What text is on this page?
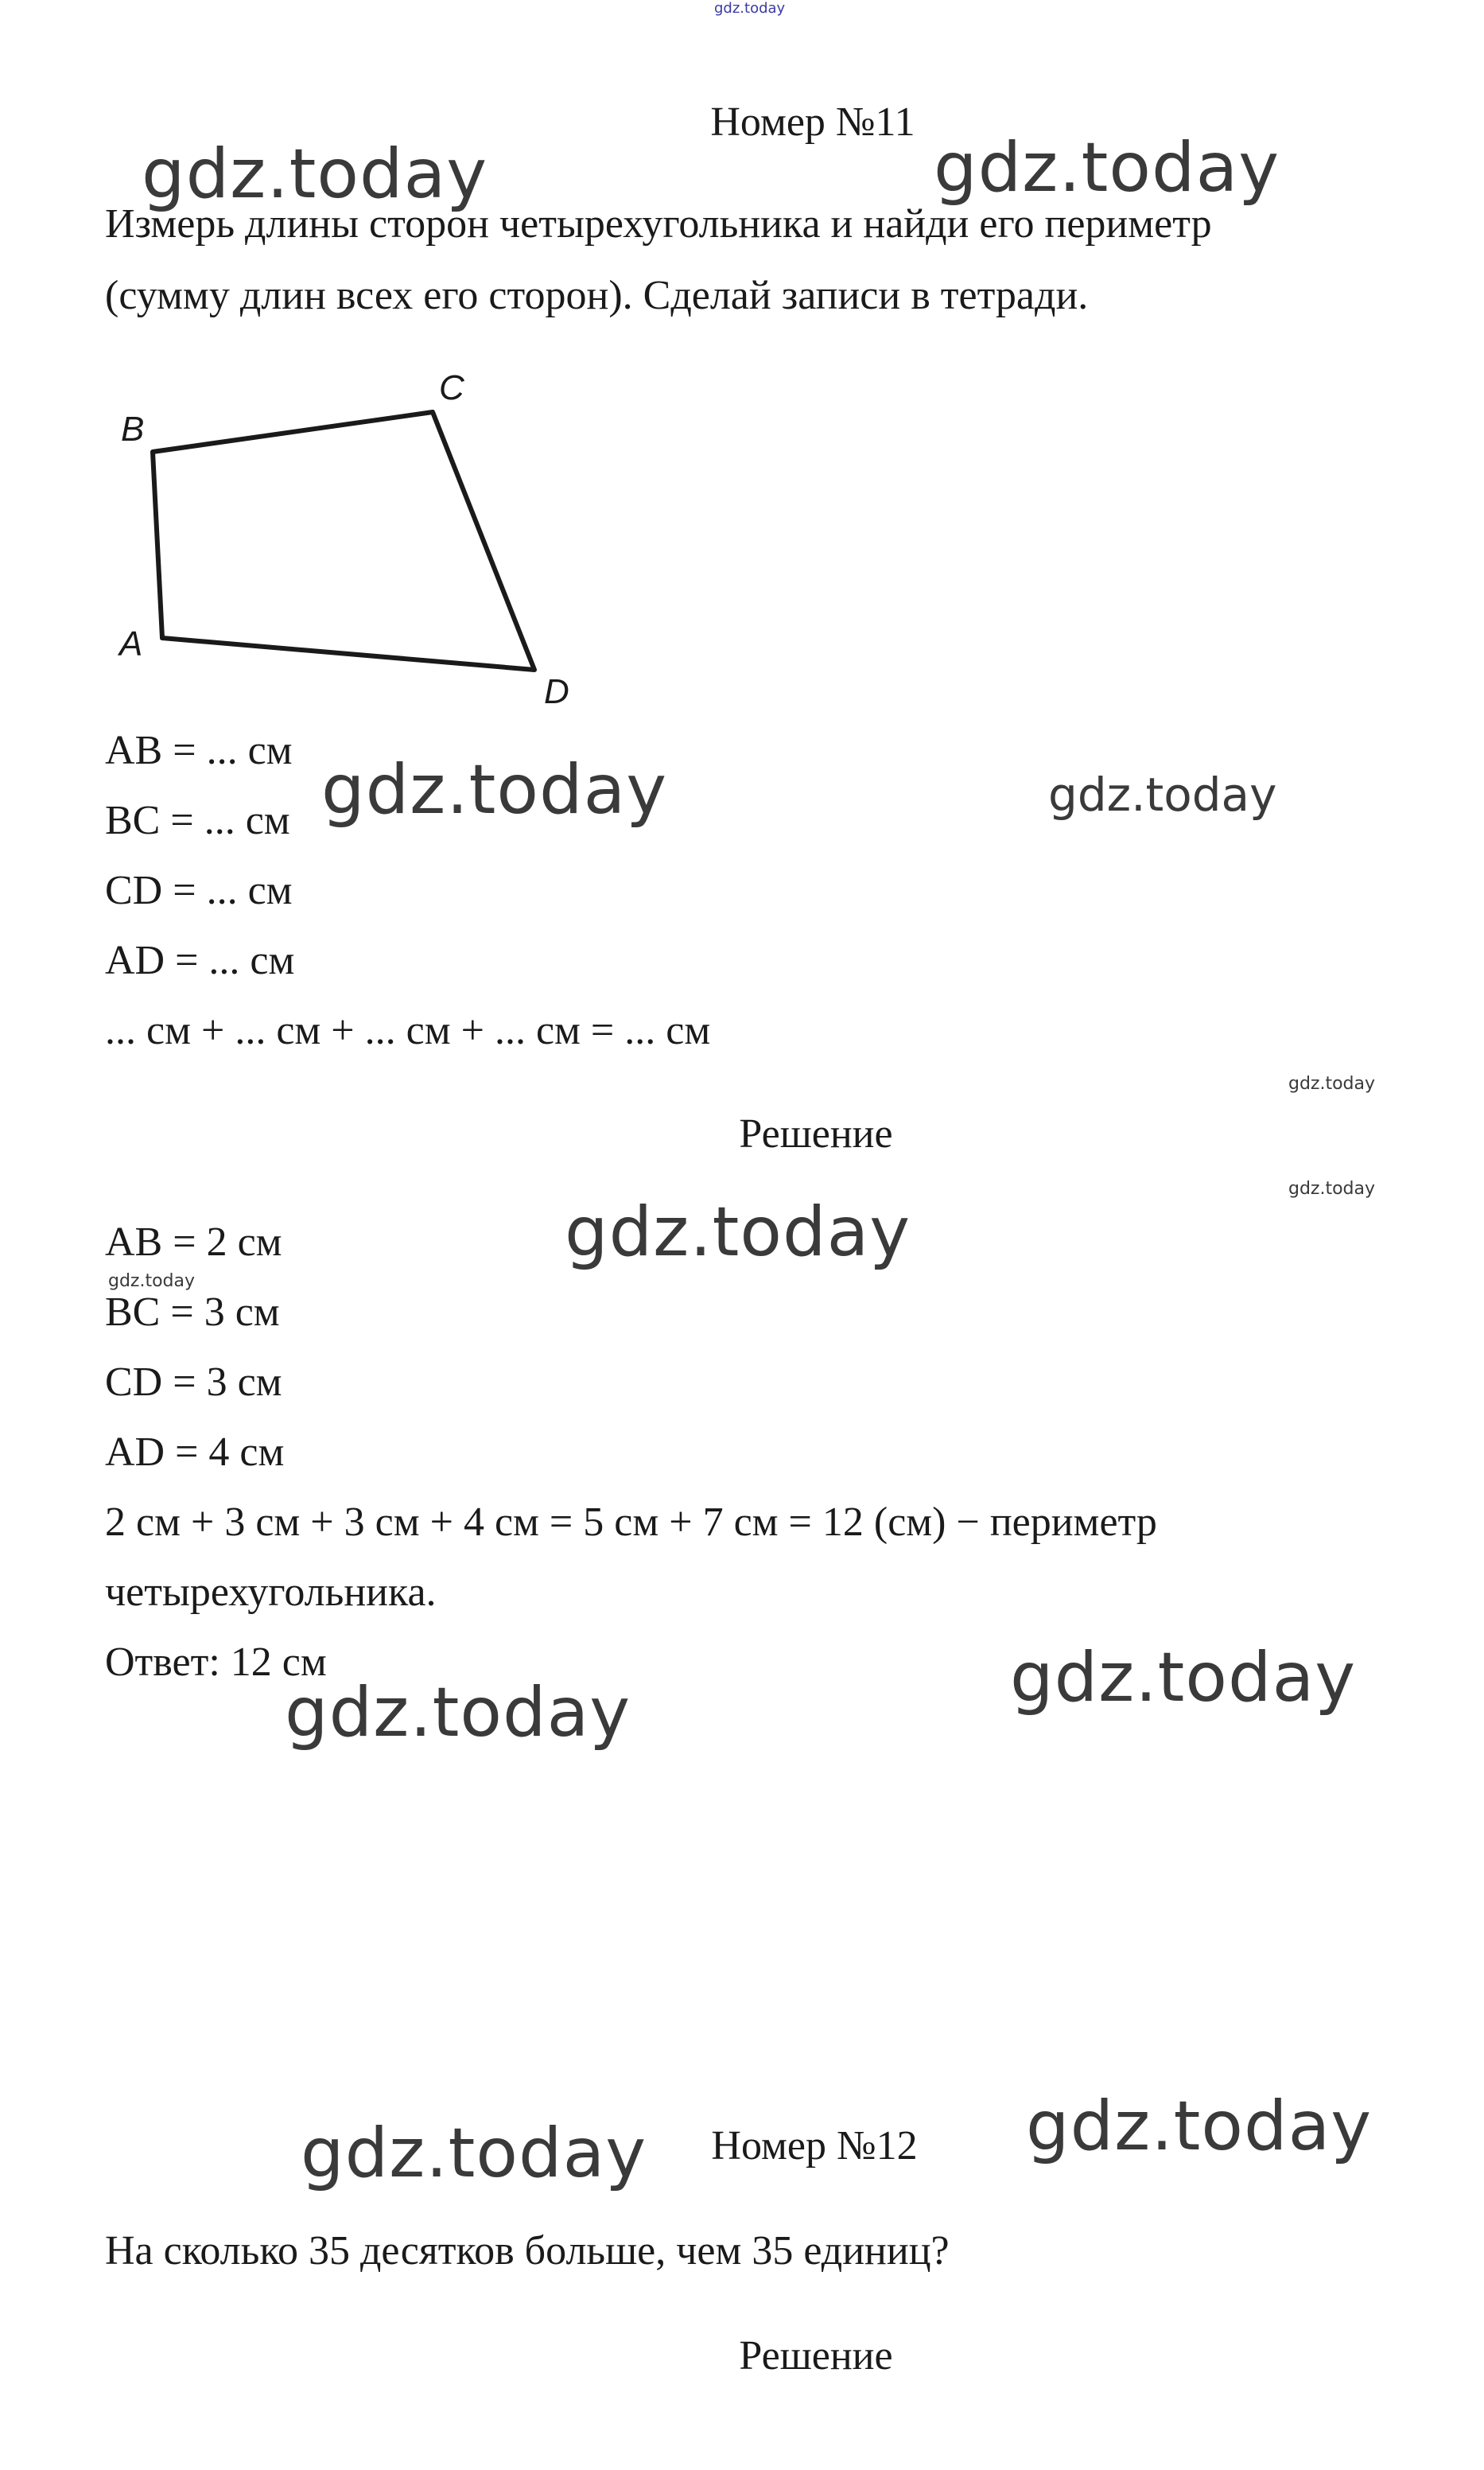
gdz.today
Номер №11
gdz.today	gdz.today
Измерь длины сторон четырехугольника и найди его периметр
(сумму длин всех его сторон). Сделай записи в тетради.
A
B
C
D
AB = ... см
BC = ... см
CD = ... см
AD = ... см
... см + ... см + ... см + ... см = ... см
gdz.today	gdz.today
gdz.today
Решение
gdz.today
gdz.today
gdz.today
AB = 2 см
BC = 3 см
CD = 3 см
AD = 4 см
2 см + 3 см + 3 см + 4 см = 5 см + 7 см = 12 (см) − периметр
четырехугольника.
Ответ: 12 см
gdz.today	gdz.today
gdz.today	gdz.today
Номер №12
На сколько 35 десятков больше, чем 35 единиц?
Решение
